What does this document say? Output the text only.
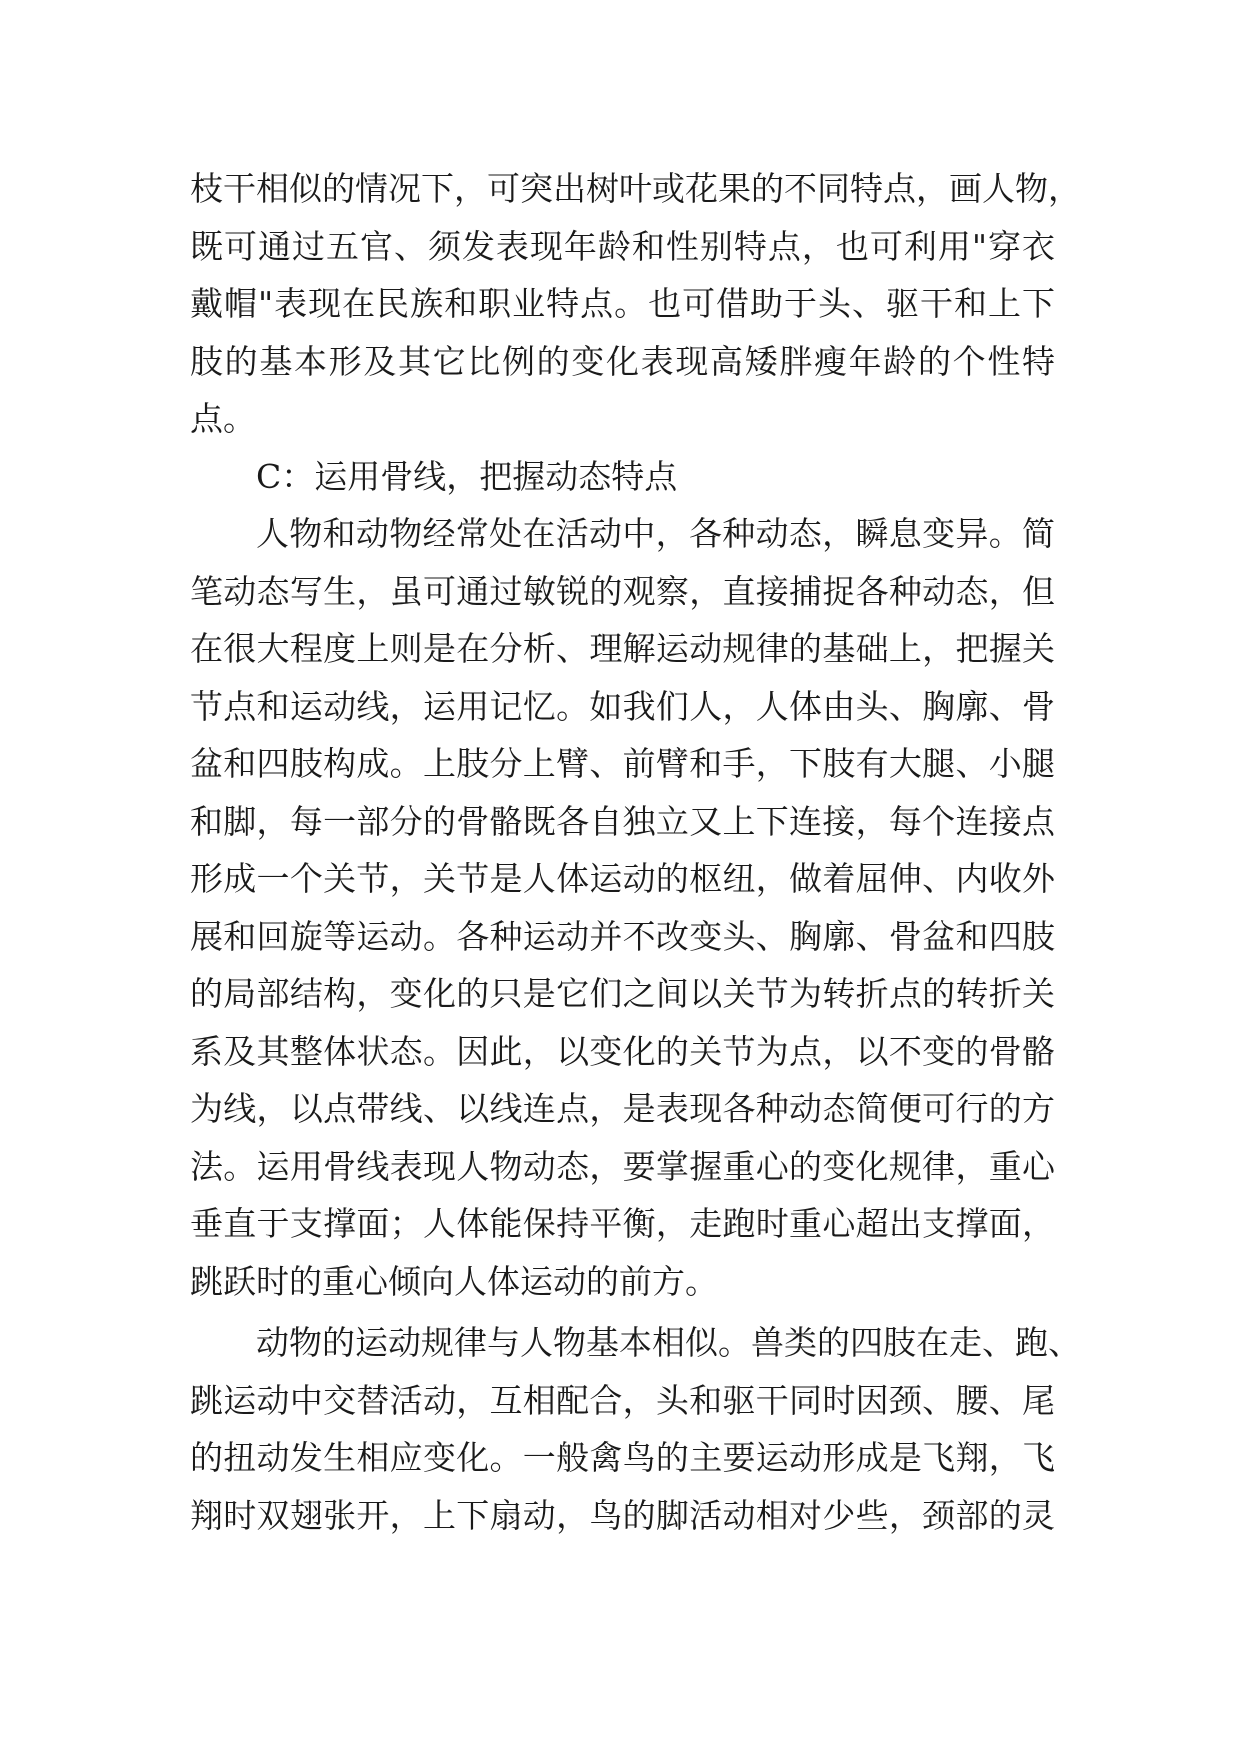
枝干相似的情况下，可突出树叶或花果的不同特点，画人物，
既可通过五官、须发表现年龄和性别特点，也可利用"穿衣
戴帽"表现在民族和职业特点。也可借助于头、驱干和上下
肢的基本形及其它比例的变化表现高矮胖瘦年龄的个性特
点。
C：运用骨线，把握动态特点
人物和动物经常处在活动中，各种动态，瞬息变异。简
笔动态写生，虽可通过敏锐的观察，直接捕捉各种动态，但
在很大程度上则是在分析、理解运动规律的基础上，把握关
节点和运动线，运用记忆。如我们人，人体由头、胸廓、骨
盆和四肢构成。上肢分上臂、前臂和手，下肢有大腿、小腿
和脚，每一部分的骨骼既各自独立又上下连接，每个连接点
形成一个关节，关节是人体运动的枢纽，做着屈伸、内收外
展和回旋等运动。各种运动并不改变头、胸廓、骨盆和四肢
的局部结构，变化的只是它们之间以关节为转折点的转折关
系及其整体状态。因此，以变化的关节为点，以不变的骨骼
为线，以点带线、以线连点，是表现各种动态简便可行的方
法。运用骨线表现人物动态，要掌握重心的变化规律，重心
垂直于支撑面；人体能保持平衡，走跑时重心超出支撑面，
跳跃时的重心倾向人体运动的前方。
动物的运动规律与人物基本相似。兽类的四肢在走、跑、
跳运动中交替活动，互相配合，头和驱干同时因颈、腰、尾
的扭动发生相应变化。一般禽鸟的主要运动形成是飞翔，飞
翔时双翅张开，上下扇动，鸟的脚活动相对少些，颈部的灵
